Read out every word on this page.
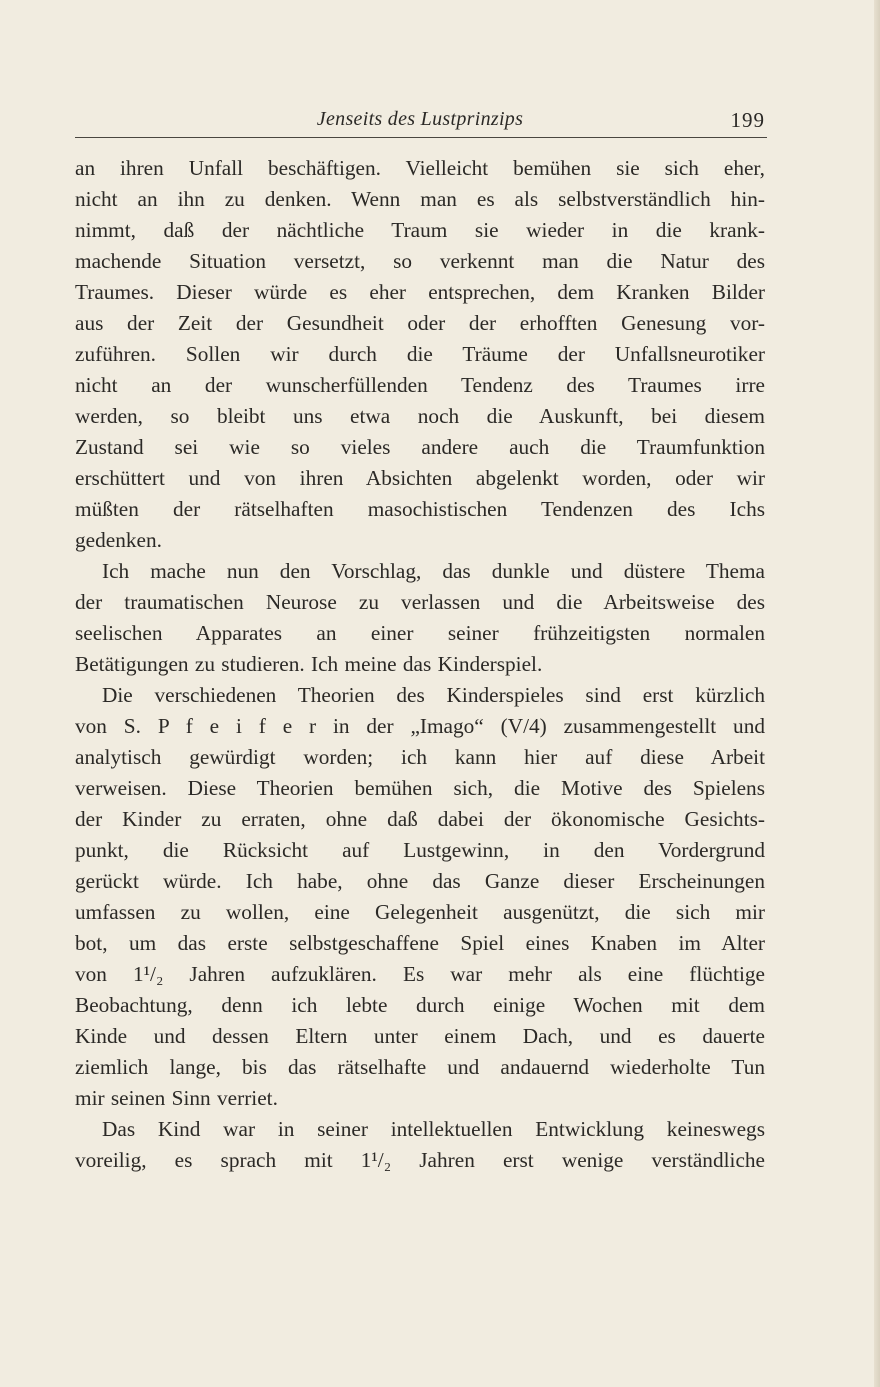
Jenseits des Lustprinzips	199
an ihren Unfall beschäftigen. Vielleicht bemühen sie sich eher,
nicht an ihn zu denken. Wenn man es als selbstverständlich hin-
nimmt, daß der nächtliche Traum sie wieder in die krank-
machende Situation versetzt, so verkennt man die Natur des
Traumes. Dieser würde es eher entsprechen, dem Kranken Bilder
aus der Zeit der Gesundheit oder der erhofften Genesung vor-
zuführen. Sollen wir durch die Träume der Unfallsneurotiker
nicht an der wunscherfüllenden Tendenz des Traumes irre
werden, so bleibt uns etwa noch die Auskunft, bei diesem
Zustand sei wie so vieles andere auch die Traumfunktion
erschüttert und von ihren Absichten abgelenkt worden, oder wir
müßten der rätselhaften masochistischen Tendenzen des Ichs
gedenken.
Ich mache nun den Vorschlag, das dunkle und düstere Thema
der traumatischen Neurose zu verlassen und die Arbeitsweise des
seelischen Apparates an einer seiner frühzeitigsten normalen
Betätigungen zu studieren. Ich meine das Kinderspiel.
Die verschiedenen Theorien des Kinderspieles sind erst kürzlich
von S. P f e i f e r in der „Imago“ (V/4) zusammengestellt und
analytisch gewürdigt worden; ich kann hier auf diese Arbeit
verweisen. Diese Theorien bemühen sich, die Motive des Spielens
der Kinder zu erraten, ohne daß dabei der ökonomische Gesichts-
punkt, die Rücksicht auf Lustgewinn, in den Vordergrund
gerückt würde. Ich habe, ohne das Ganze dieser Erscheinungen
umfassen zu wollen, eine Gelegenheit ausgenützt, die sich mir
bot, um das erste selbstgeschaffene Spiel eines Knaben im Alter
von 1¹/₂ Jahren aufzuklären. Es war mehr als eine flüchtige
Beobachtung, denn ich lebte durch einige Wochen mit dem
Kinde und dessen Eltern unter einem Dach, und es dauerte
ziemlich lange, bis das rätselhafte und andauernd wiederholte Tun
mir seinen Sinn verriet.
Das Kind war in seiner intellektuellen Entwicklung keineswegs
voreilig, es sprach mit 1¹/₂ Jahren erst wenige verständliche
